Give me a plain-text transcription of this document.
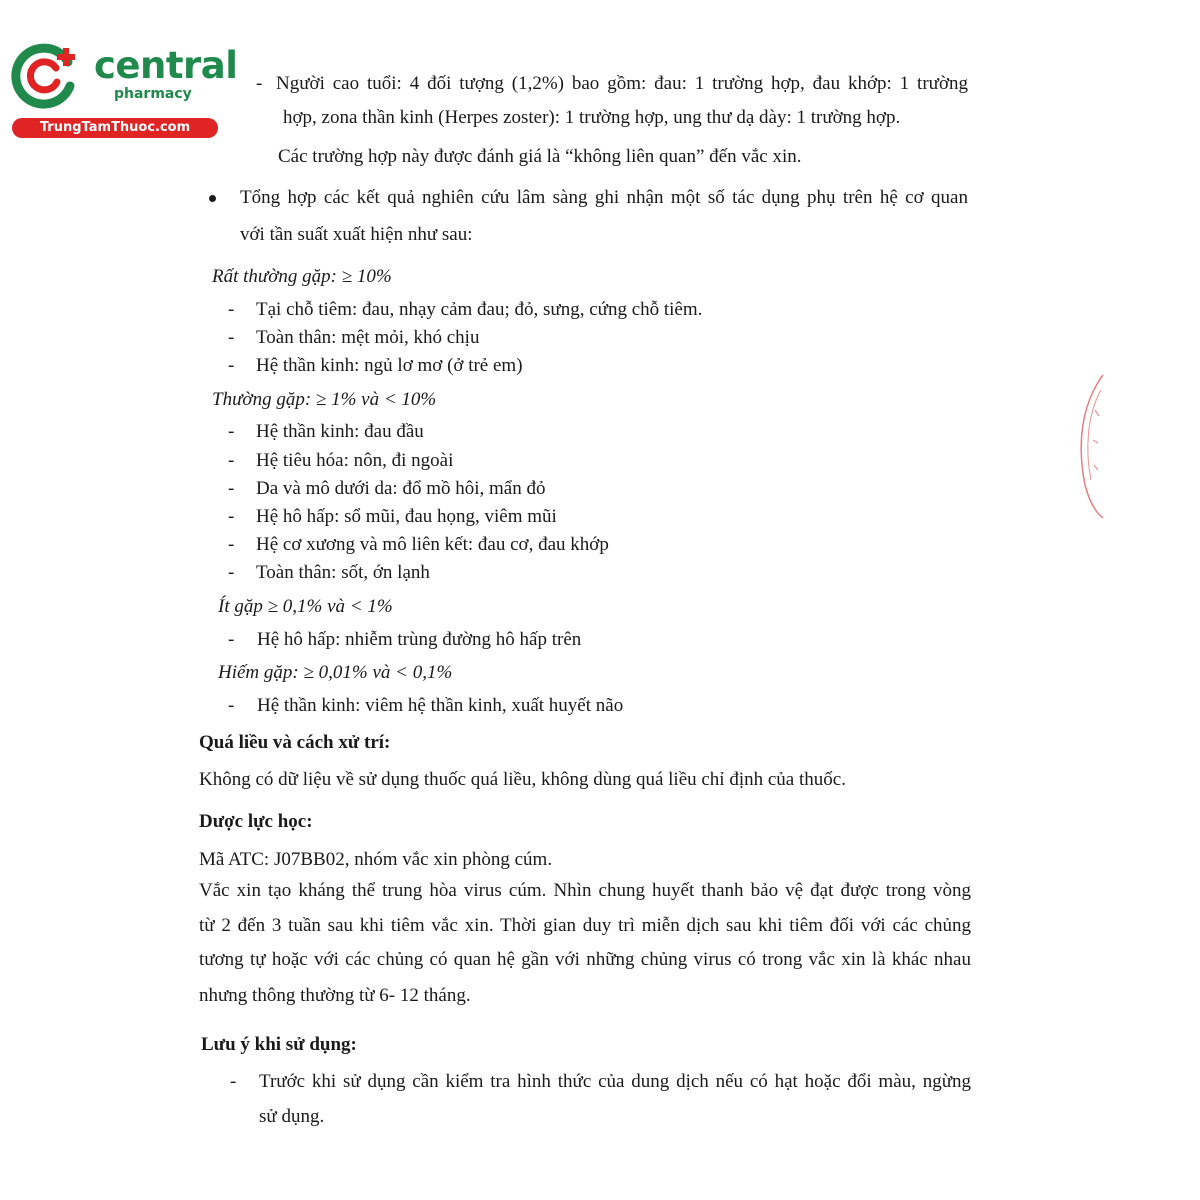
central
pharmacy
TrungTamThuoc.com
- Người cao tuổi: 4 đối tượng (1,2%) bao gồm: đau: 1 trường hợp, đau khớp: 1 trường
hợp, zona thần kinh (Herpes zoster): 1 trường hợp, ung thư dạ dày: 1 trường hợp.
Các trường hợp này được đánh giá là “không liên quan” đến vắc xin.
Tổng hợp các kết quả nghiên cứu lâm sàng ghi nhận một số tác dụng phụ trên hệ cơ quan
với tần suất xuất hiện như sau:
Rất thường gặp: ≥ 10%
- Tại chỗ tiêm: đau, nhạy cảm đau; đỏ, sưng, cứng chỗ tiêm.
- Toàn thân: mệt mỏi, khó chịu
- Hệ thần kinh: ngủ lơ mơ (ở trẻ em)
Thường gặp: ≥ 1% và < 10%
- Hệ thần kinh: đau đầu
- Hệ tiêu hóa: nôn, đi ngoài
- Da và mô dưới da: đổ mồ hôi, mẩn đỏ
- Hệ hô hấp: sổ mũi, đau họng, viêm mũi
- Hệ cơ xương và mô liên kết: đau cơ, đau khớp
- Toàn thân: sốt, ớn lạnh
Ít gặp ≥ 0,1% và < 1%
- Hệ hô hấp: nhiễm trùng đường hô hấp trên
Hiếm gặp: ≥ 0,01% và < 0,1%
- Hệ thần kinh: viêm hệ thần kinh, xuất huyết não
Quá liều và cách xử trí:
Không có dữ liệu về sử dụng thuốc quá liều, không dùng quá liều chỉ định của thuốc.
Dược lực học:
Mã ATC: J07BB02, nhóm vắc xin phòng cúm.
Vắc xin tạo kháng thể trung hòa virus cúm. Nhìn chung huyết thanh bảo vệ đạt được trong vòng
từ 2 đến 3 tuần sau khi tiêm vắc xin. Thời gian duy trì miễn dịch sau khi tiêm đối với các chủng
tương tự hoặc với các chủng có quan hệ gần với những chủng virus có trong vắc xin là khác nhau
nhưng thông thường từ 6- 12 tháng.
Lưu ý khi sử dụng:
- Trước khi sử dụng cần kiểm tra hình thức của dung dịch nếu có hạt hoặc đổi màu, ngừng
sử dụng.
